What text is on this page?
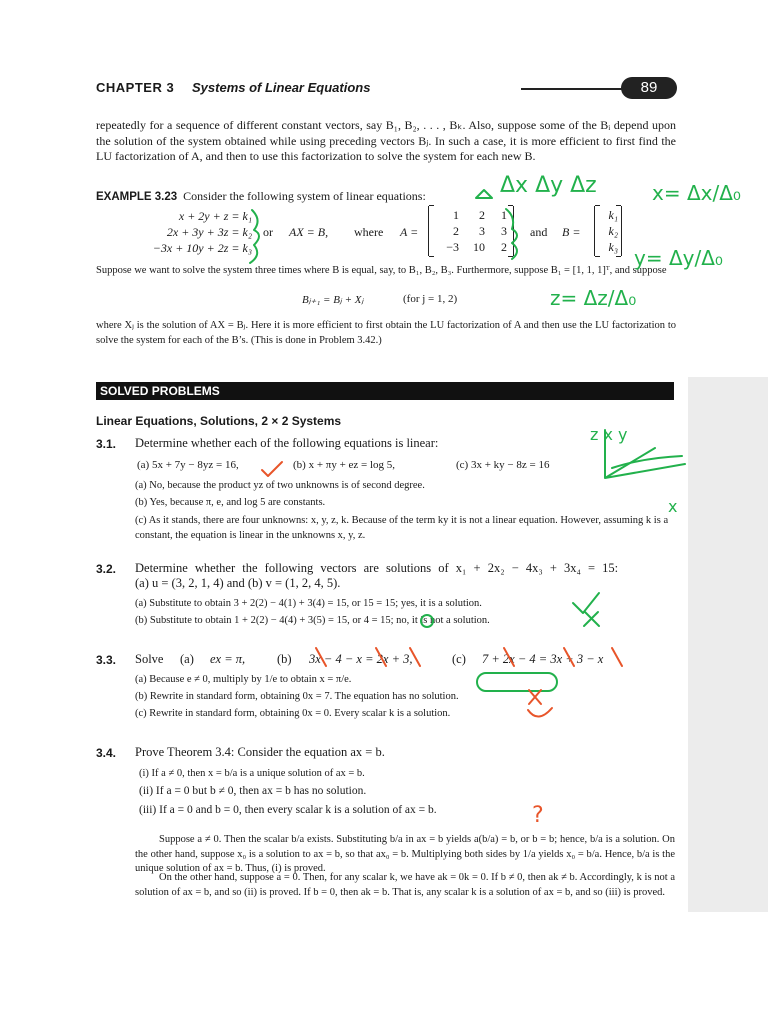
CHAPTER 3 Systems of Linear Equations	89
repeatedly for a sequence of different constant vectors, say B₁, B₂, . . . , Bₖ. Also, suppose some of the Bᵢ depend upon the solution of the system obtained while using preceding vectors Bⱼ. In such a case, it is more efficient to first find the LU factorization of A, and then to use this factorization to solve the system for each new B.
EXAMPLE 3.23 Consider the following system of linear equations:
x + 2y + z = k₁
2x + 3y + 3z = k₂
−3x + 10y + 2z = k₃
or AX = B, where A =
1	2	1
2	3	3
−3	10	2
and B =
k₁
k₂
k₃
Suppose we want to solve the system three times where B is equal, say, to B₁, B₂, B₃. Furthermore, suppose B₁ = [1, 1, 1]ᵀ, and suppose
Bⱼ₊₁ = Bⱼ + Xⱼ	(for j = 1, 2)
where Xⱼ is the solution of AX = Bⱼ. Here it is more efficient to first obtain the LU factorization of A and then use the LU factorization to solve the system for each of the B’s. (This is done in Problem 3.42.)
SOLVED PROBLEMS
Linear Equations, Solutions, 2 × 2 Systems
3.1. Determine whether each of the following equations is linear:
(a) 5x + 7y − 8yz = 16,	(b) x + πy + ez = log 5,	(c) 3x + ky − 8z = 16
(a) No, because the product yz of two unknowns is of second degree.
(b) Yes, because π, e, and log 5 are constants.
(c) As it stands, there are four unknowns: x, y, z, k. Because of the term ky it is not a linear equation. However, assuming k is a constant, the equation is linear in the unknowns x, y, z.
3.2. Determine whether the following vectors are solutions of x₁ + 2x₂ − 4x₃ + 3x₄ = 15:
(a) u = (3, 2, 1, 4) and (b) v = (1, 2, 4, 5).
(a) Substitute to obtain 3 + 2(2) − 4(1) + 3(4) = 15, or 15 = 15; yes, it is a solution.
(b) Substitute to obtain 1 + 2(2) − 4(4) + 3(5) = 15, or 4 = 15; no, it is not a solution.
3.3. Solve (a) ex = π,	(b) 3x − 4 − x = 2x + 3,	(c) 7 + 2x − 4 = 3x + 3 − x
(a) Because e ≠ 0, multiply by 1/e to obtain x = π/e.
(b) Rewrite in standard form, obtaining 0x = 7. The equation has no solution.
(c) Rewrite in standard form, obtaining 0x = 0. Every scalar k is a solution.
3.4. Prove Theorem 3.4: Consider the equation ax = b.
(i) If a ≠ 0, then x = b/a is a unique solution of ax = b.
(ii) If a = 0 but b ≠ 0, then ax = b has no solution.
(iii) If a = 0 and b = 0, then every scalar k is a solution of ax = b.
Suppose a ≠ 0. Then the scalar b/a exists. Substituting b/a in ax = b yields a(b/a) = b, or b = b; hence, b/a is a solution. On the other hand, suppose x₀ is a solution to ax = b, so that ax₀ = b. Multiplying both sides by 1/a yields x₀ = b/a. Hence, b/a is the unique solution of ax = b. Thus, (i) is proved.
On the other hand, suppose a = 0. Then, for any scalar k, we have ak = 0k = 0. If b ≠ 0, then ak ≠ b. Accordingly, k is not a solution of ax = b, and so (ii) is proved. If b = 0, then ak = b. That is, any scalar k is a solution of ax = b, and so (iii) is proved.
Δx Δy Δz	x= Δx/Δ₀
y= Δy/Δ₀
z= Δz/Δ₀
z x y
x
?
